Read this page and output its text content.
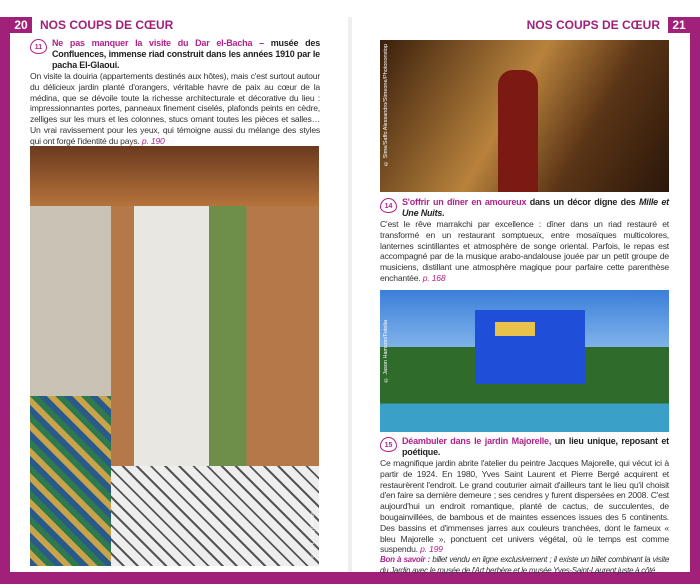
20	NOS COUPS DE CŒUR	21
NOS COUPS DE CŒUR
11	Ne pas manquer la visite du Dar el-Bacha – musée des Confluences, immense riad construit dans les années 1910 par le pacha El-Glaoui.
On visite la douiria (appartements destinés aux hôtes), mais c'est surtout autour du délicieux jardin planté d'orangers, véritable havre de paix au cœur de la médina, que se dévoile toute la richesse architecturale et décorative du lieu : impressionnantes portes, panneaux finement ciselés, plafonds peints en cèdre, zelliges sur les murs et les colonnes, stucs ornant toutes les pièces et salles… Un vrai ravissement pour les yeux, qui témoigne aussi du mélange des styles qui ont forgé l'identité du pays. p. 190
© J.-L. Lay/Hemis
© Sime/Saffo Alessandro/Simeone/Photononstop
14	S'offrir un dîner en amoureux dans un décor digne des Mille et Une Nuits.
C'est le rêve marrakchi par excellence : dîner dans un riad restauré et transformé en un restaurant somptueux, entre mosaïques multicolores, lanternes scintillantes et atmosphère de songe oriental. Parfois, le repas est accompagné par de la musique arabo-andalouse jouée par un petit groupe de musiciens, distillant une atmosphère magique pour parfaire cette parenthèse enchantée. p. 168
© Jason Hamson/Fotolia
15	Déambuler dans le jardin Majorelle, un lieu unique, reposant et poétique.
Ce magnifique jardin abrite l'atelier du peintre Jacques Majorelle, qui vécut ici à partir de 1924. En 1980, Yves Saint Laurent et Pierre Bergé acquirent et restaurèrent l'endroit. Le grand couturier aimait d'ailleurs tant le lieu qu'il choisit d'en faire sa dernière demeure ; ses cendres y furent dispersées en 2008. C'est aujourd'hui un endroit romantique, planté de cactus, de succulentes, de bougainvillées, de bambous et de maintes essences issues des 5 continents. Des bassins et d'immenses jarres aux couleurs tranchées, dont le fameux « bleu Majorelle », ponctuent cet univers végétal, où le temps est comme suspendu. p. 199
Bon à savoir : billet vendu en ligne exclusivement ; il existe un billet combinant la visite du Jardin avec le musée de l'Art berbère et le musée Yves-Saint-Laurent juste à côté .
